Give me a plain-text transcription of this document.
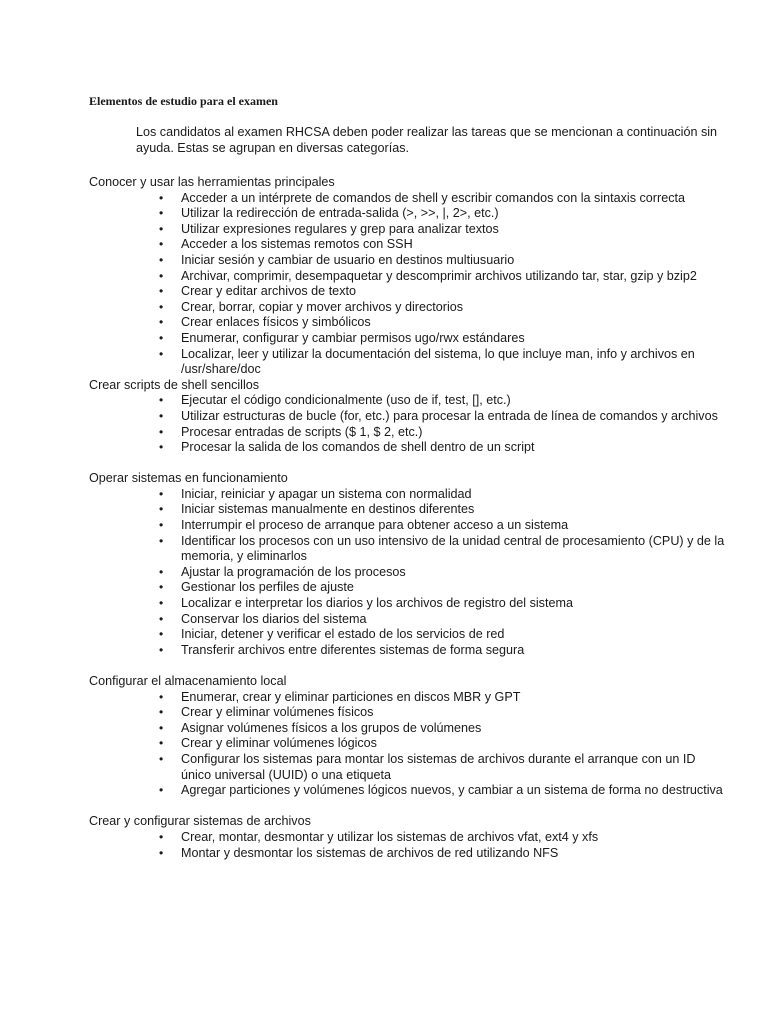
Elementos de estudio para el examen
Los candidatos al examen RHCSA deben poder realizar las tareas que se mencionan a continuación sin ayuda. Estas se agrupan en diversas categorías.
Conocer y usar las herramientas principales
• Acceder a un intérprete de comandos de shell y escribir comandos con la sintaxis correcta
• Utilizar la redirección de entrada-salida (>, >>, |, 2>, etc.)
• Utilizar expresiones regulares y grep para analizar textos
• Acceder a los sistemas remotos con SSH
• Iniciar sesión y cambiar de usuario en destinos multiusuario
• Archivar, comprimir, desempaquetar y descomprimir archivos utilizando tar, star, gzip y bzip2
• Crear y editar archivos de texto
• Crear, borrar, copiar y mover archivos y directorios
• Crear enlaces físicos y simbólicos
• Enumerar, configurar y cambiar permisos ugo/rwx estándares
• Localizar, leer y utilizar la documentación del sistema, lo que incluye man, info y archivos en /usr/share/doc
Crear scripts de shell sencillos
• Ejecutar el código condicionalmente (uso de if, test, [], etc.)
• Utilizar estructuras de bucle (for, etc.) para procesar la entrada de línea de comandos y archivos
• Procesar entradas de scripts ($ 1, $ 2, etc.)
• Procesar la salida de los comandos de shell dentro de un script
Operar sistemas en funcionamiento
• Iniciar, reiniciar y apagar un sistema con normalidad
• Iniciar sistemas manualmente en destinos diferentes
• Interrumpir el proceso de arranque para obtener acceso a un sistema
• Identificar los procesos con un uso intensivo de la unidad central de procesamiento (CPU) y de la memoria, y eliminarlos
• Ajustar la programación de los procesos
• Gestionar los perfiles de ajuste
• Localizar e interpretar los diarios y los archivos de registro del sistema
• Conservar los diarios del sistema
• Iniciar, detener y verificar el estado de los servicios de red
• Transferir archivos entre diferentes sistemas de forma segura
Configurar el almacenamiento local
• Enumerar, crear y eliminar particiones en discos MBR y GPT
• Crear y eliminar volúmenes físicos
• Asignar volúmenes físicos a los grupos de volúmenes
• Crear y eliminar volúmenes lógicos
• Configurar los sistemas para montar los sistemas de archivos durante el arranque con un ID único universal (UUID) o una etiqueta
• Agregar particiones y volúmenes lógicos nuevos, y cambiar a un sistema de forma no destructiva
Crear y configurar sistemas de archivos
• Crear, montar, desmontar y utilizar los sistemas de archivos vfat, ext4 y xfs
• Montar y desmontar los sistemas de archivos de red utilizando NFS
